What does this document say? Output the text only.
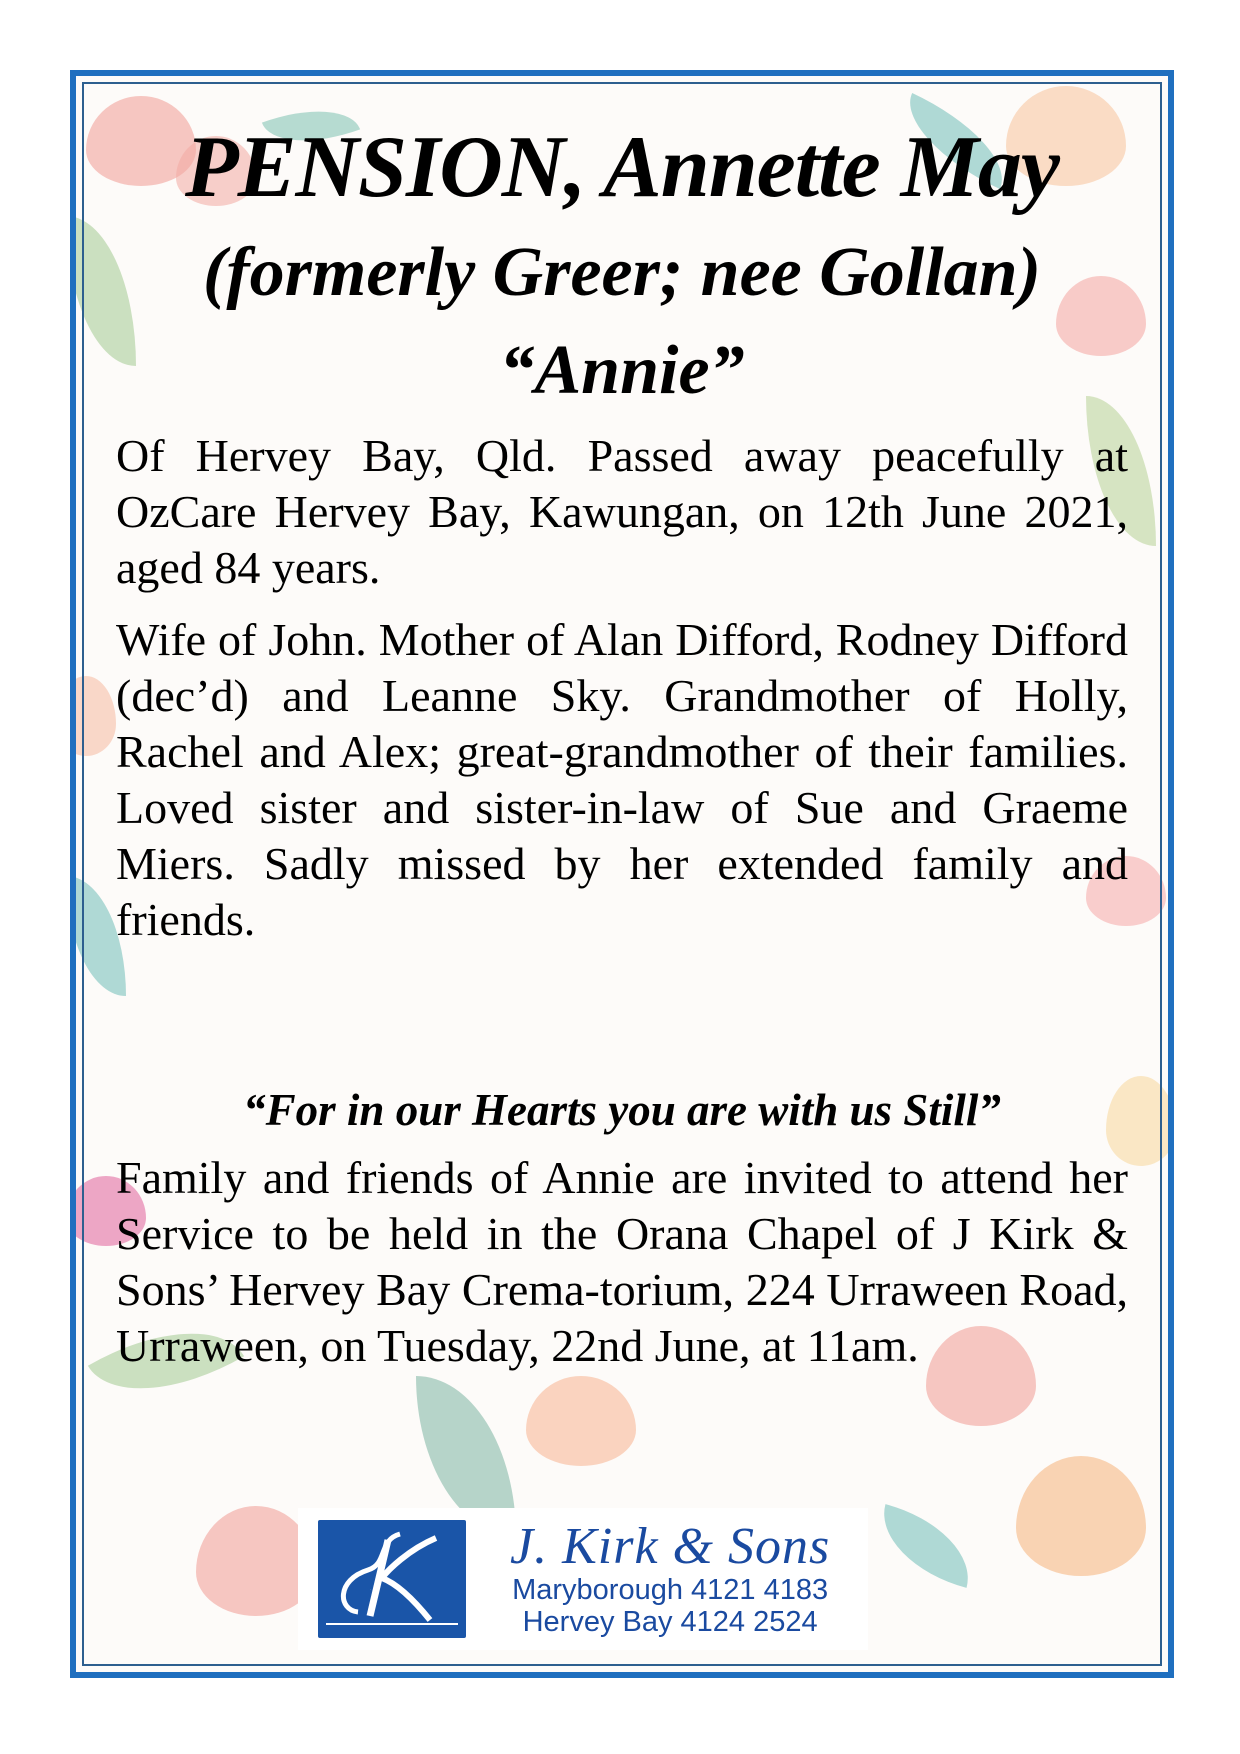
PENSION, Annette May
(formerly Greer; nee Gollan)
“Annie”
Of Hervey Bay, Qld. Passed away peacefully at OzCare Hervey Bay, Kawungan, on 12th June 2021, aged 84 years.
Wife of John. Mother of Alan Difford, Rodney Difford (dec’d) and Leanne Sky. Grandmother of Holly, Rachel and Alex; great-grandmother of their families. Loved sister and sister-in-law of Sue and Graeme Miers. Sadly missed by her extended family and friends.
“For in our Hearts you are with us Still”
Family and friends of Annie are invited to attend her Service to be held in the Orana Chapel of J Kirk & Sons’ Hervey Bay Crema-torium, 224 Urraween Road, Urraween, on Tuesday, 22nd June, at 11am.
K
J. Kirk & Sons
Maryborough 4121 4183
Hervey Bay 4124 2524
